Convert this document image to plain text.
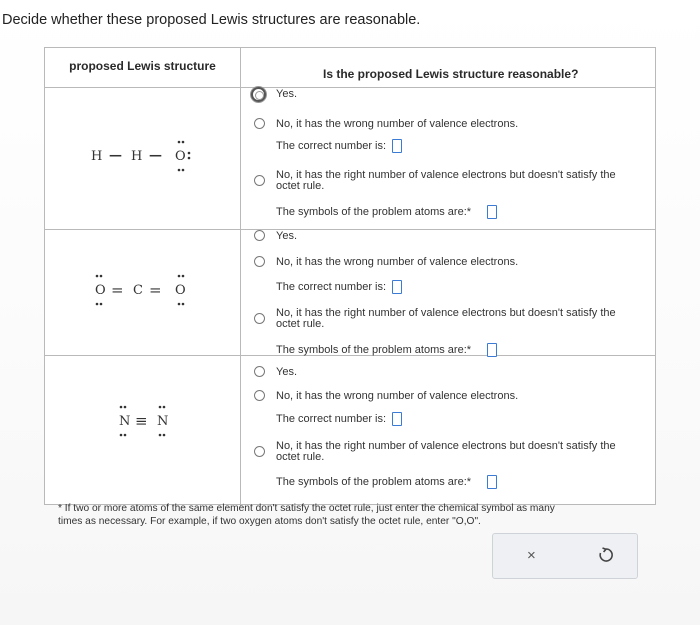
Decide whether these proposed Lewis structures are reasonable.
proposed Lewis structure
Is the proposed Lewis structure reasonable?
H — H — O
Yes.
No, it has the wrong number of valence electrons.
The correct number is:
No, it has the right number of valence electrons but doesn't satisfy the
octet rule.
The symbols of the problem atoms are:*
O = C = O
Yes.
No, it has the wrong number of valence electrons.
The correct number is:
No, it has the right number of valence electrons but doesn't satisfy the
octet rule.
The symbols of the problem atoms are:*
N ≡ N
Yes.
No, it has the wrong number of valence electrons.
The correct number is:
No, it has the right number of valence electrons but doesn't satisfy the
octet rule.
The symbols of the problem atoms are:*
* If two or more atoms of the same element don't satisfy the octet rule, just enter the chemical symbol as many
times as necessary. For example, if two oxygen atoms don't satisfy the octet rule, enter "O,O".
×
